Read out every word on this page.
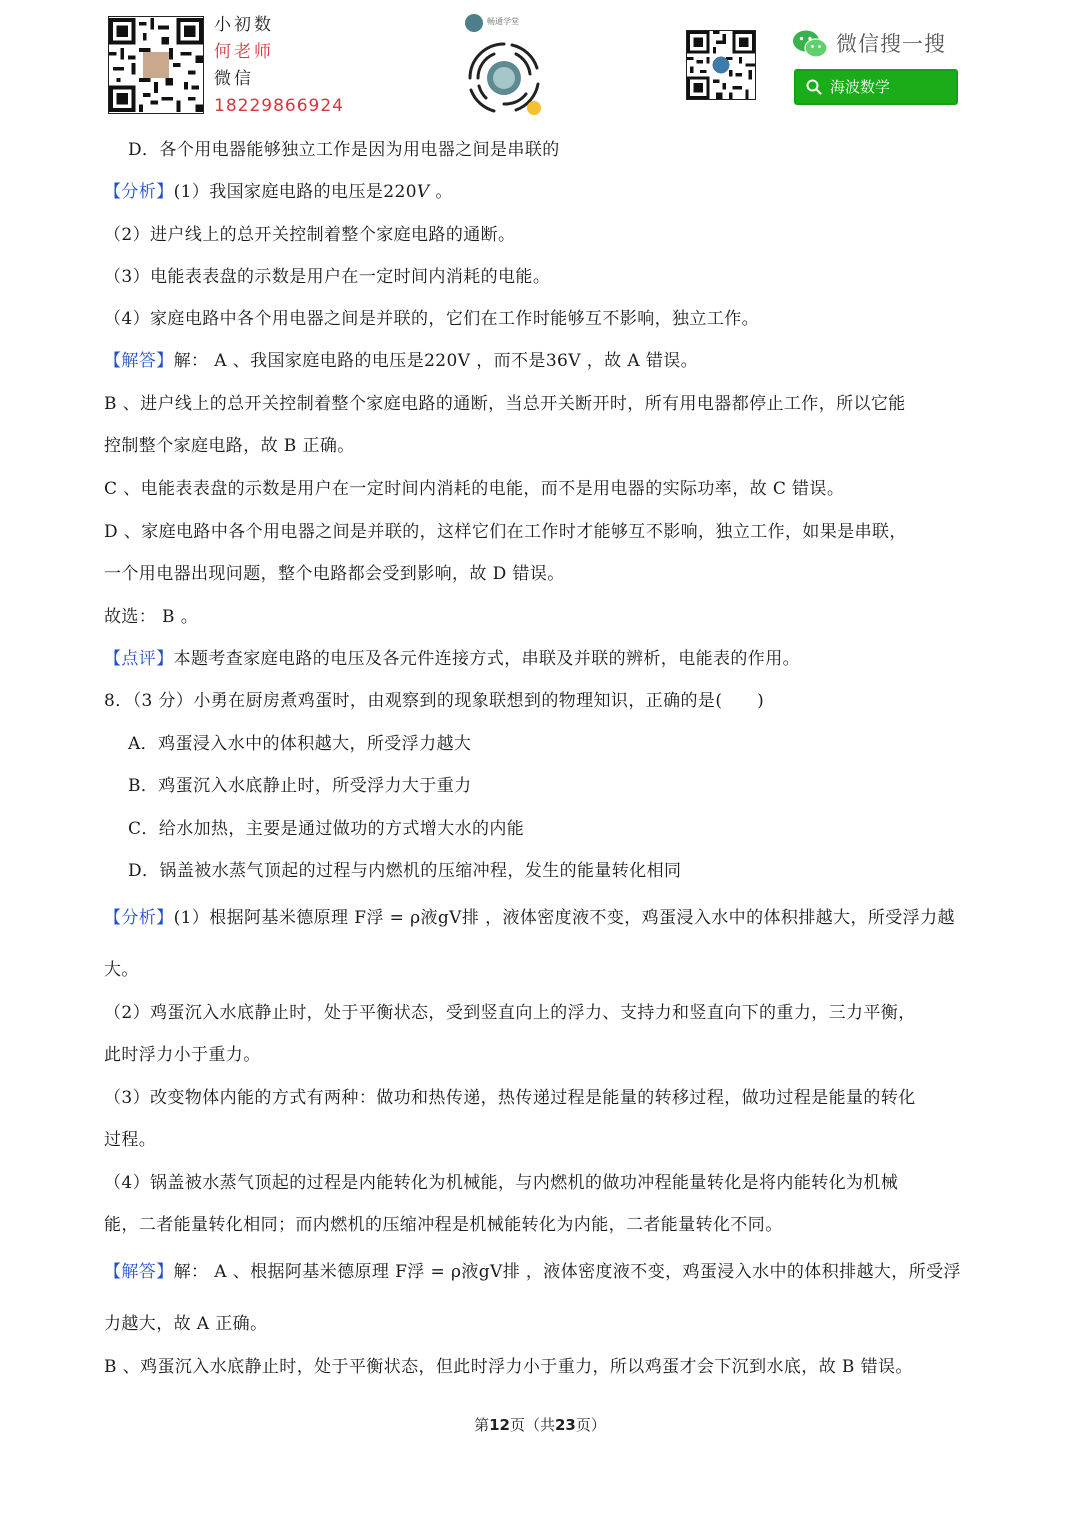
小初数
何老师
微信
18229866924
畅通学堂
微信搜一搜
海波数学
D．各个用电器能够独立工作是因为用电器之间是串联的
【分析】(1）我国家庭电路的电压是220V 。
（2）进户线上的总开关控制着整个家庭电路的通断。
（3）电能表表盘的示数是用户在一定时间内消耗的电能。
（4）家庭电路中各个用电器之间是并联的，它们在工作时能够互不影响，独立工作。
【解答】解： A 、我国家庭电路的电压是220V ，而不是36V ，故 A 错误。
B 、进户线上的总开关控制着整个家庭电路的通断，当总开关断开时，所有用电器都停止工作，所以它能
控制整个家庭电路，故 B 正确。
C 、电能表表盘的示数是用户在一定时间内消耗的电能，而不是用电器的实际功率，故 C 错误。
D 、家庭电路中各个用电器之间是并联的，这样它们在工作时才能够互不影响，独立工作，如果是串联，
一个用电器出现问题，整个电路都会受到影响，故 D 错误。
故选： B 。
【点评】本题考查家庭电路的电压及各元件连接方式，串联及并联的辨析，电能表的作用。
8．（3 分）小勇在厨房煮鸡蛋时，由观察到的现象联想到的物理知识，正确的是(　　)
A．鸡蛋浸入水中的体积越大，所受浮力越大
B．鸡蛋沉入水底静止时，所受浮力大于重力
C．给水加热，主要是通过做功的方式增大水的内能
D．锅盖被水蒸气顶起的过程与内燃机的压缩冲程，发生的能量转化相同
【分析】(1）根据阿基米德原理 F浮 = ρ液gV排 ，液体密度液不变，鸡蛋浸入水中的体积排越大，所受浮力越
大。
（2）鸡蛋沉入水底静止时，处于平衡状态，受到竖直向上的浮力、支持力和竖直向下的重力，三力平衡，
此时浮力小于重力。
（3）改变物体内能的方式有两种：做功和热传递，热传递过程是能量的转移过程，做功过程是能量的转化
过程。
（4）锅盖被水蒸气顶起的过程是内能转化为机械能，与内燃机的做功冲程能量转化是将内能转化为机械
能，二者能量转化相同；而内燃机的压缩冲程是机械能转化为内能，二者能量转化不同。
【解答】解： A 、根据阿基米德原理 F浮 = ρ液gV排 ，液体密度液不变，鸡蛋浸入水中的体积排越大，所受浮
力越大，故 A 正确。
B 、鸡蛋沉入水底静止时，处于平衡状态，但此时浮力小于重力，所以鸡蛋才会下沉到水底，故 B 错误。
第12页（共23页）
